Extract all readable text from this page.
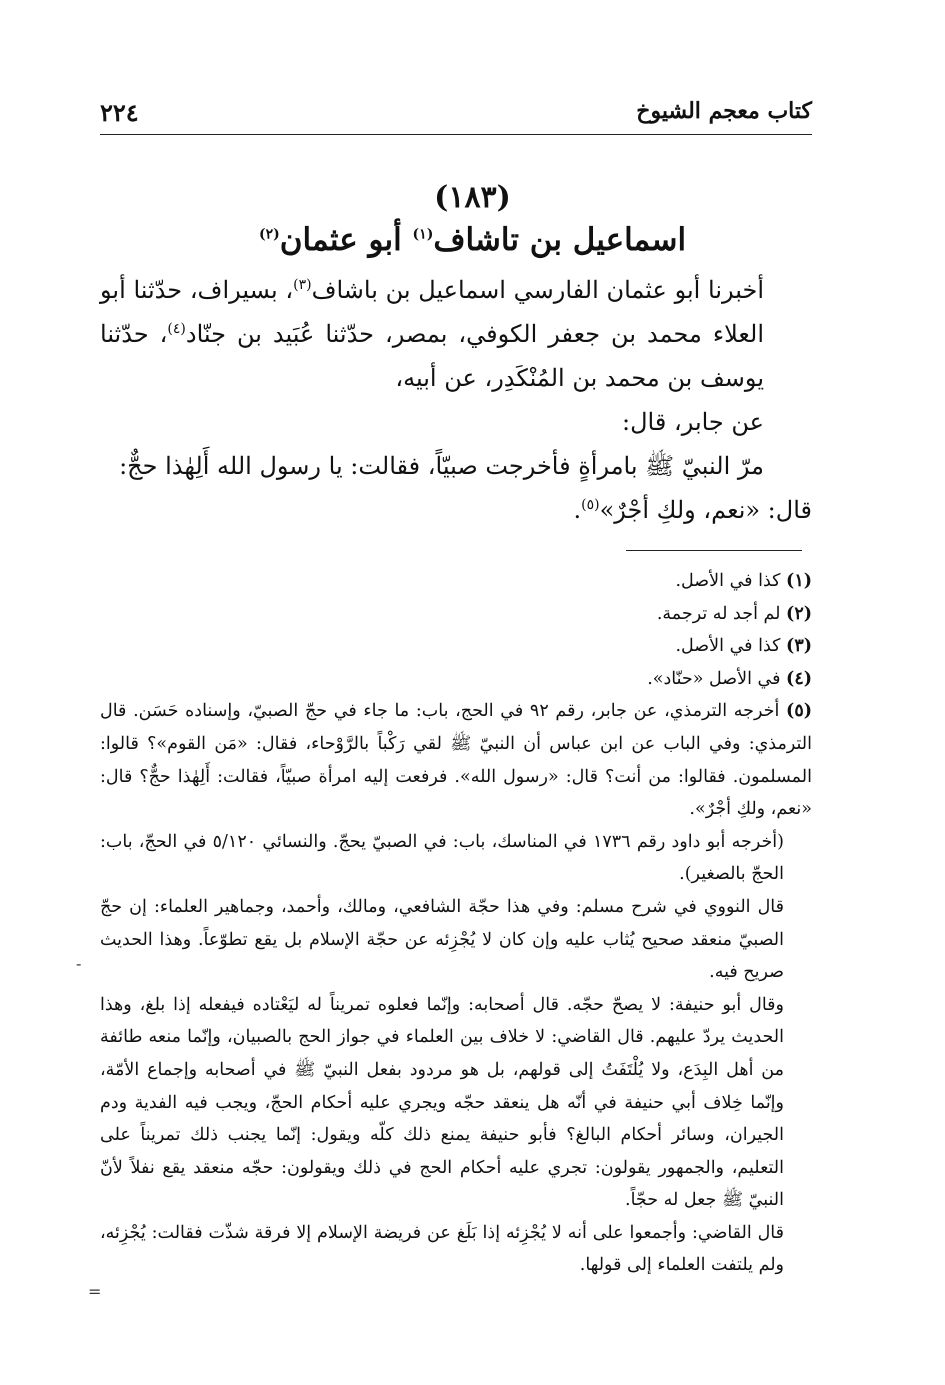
كتاب معجم الشيوخ
٢٢٤
(١٨٣)
اسماعيل بن تاشاف$^{(١)}$ أبو عثمان$^{(٢)}$

أخبرنا أبو عثمان الفارسي اسماعيل بن باشاف$^{(٣)}$، بسيراف، حدّثنا أبو العلاء محمد بن جعفر الكوفي، بمصر، حدّثنا عُبَيد بن جنّاد$^{(٤)}$، حدّثنا يوسف بن محمد بن المُنْكَدِر، عن أبيه،

عن جابر، قال:

مرّ النبيّ ﷺ بامرأةٍ فأخرجت صبيّاً، فقالت: يا رسول الله أَلِهٰذا حجٌّ:

قال: «نعم، ولكِ أجْرٌ»$^{(٥)}$.

(١) كذا في الأصل.

(٢) لم أجد له ترجمة.

(٣) كذا في الأصل.

(٤) في الأصل «حنّاد».

(٥) أخرجه الترمذي، عن جابر، رقم ٩٢ في الحج، باب: ما جاء في حجّ الصبيّ، وإسناده حَسَن. قال الترمذي: وفي الباب عن ابن عباس أن النبيّ ﷺ لقي رَكْباً بالرَّوْحاء، فقال: «مَن القوم»؟ قالوا: المسلمون. فقالوا: من أنت؟ قال: «رسول الله». فرفعت إليه امرأة صبيّاً، فقالت: أَلِهٰذا حجٌّ؟ قال: «نعم، ولكِ أجْرٌ».

(أخرجه أبو داود رقم ١٧٣٦ في المناسك، باب: في الصبيّ يحجّ. والنسائي ٥/١٢٠ في الحجّ، باب: الحجّ بالصغير).

قال النووي في شرح مسلم: وفي هذا حجّة الشافعي، ومالك، وأحمد، وجماهير العلماء: إن حجّ الصبيّ منعقد صحيح يُثاب عليه وإن كان لا يُجْزِئه عن حجّة الإسلام بل يقع تطوّعاً. وهذا الحديث صريح فيه.

وقال أبو حنيفة: لا يصحّ حجّه. قال أصحابه: وإنّما فعلوه تمريناً له ليَعْتاده فيفعله إذا بلغ، وهذا الحديث يردّ عليهم. قال القاضي: لا خلاف بين العلماء في جواز الحج بالصبيان، وإنّما منعه طائفة من أهل البِدَع، ولا يُلْتَفَتُ إلى قولهم، بل هو مردود بفعل النبيّ ﷺ في أصحابه وإجماع الأمّة، وإنّما خِلاف أبي حنيفة في أنّه هل ينعقد حجّه ويجري عليه أحكام الحجّ، ويجب فيه الفدية ودم الجيران، وسائر أحكام البالغ؟ فأبو حنيفة يمنع ذلك كلّه ويقول: إنّما يجنب ذلك تمريناً على التعليم، والجمهور يقولون: تجري عليه أحكام الحج في ذلك ويقولون: حجّه منعقد يقع نفلاً لأنّ النبيّ ﷺ جعل له حجّاً.

قال القاضي: وأجمعوا على أنه لا يُجْزِئه إذا بَلَغ عن فريضة الإسلام إلا فرقة شذّت فقالت: يُجْزِئه، ولم يلتفت العلماء إلى قولها.

-
=
